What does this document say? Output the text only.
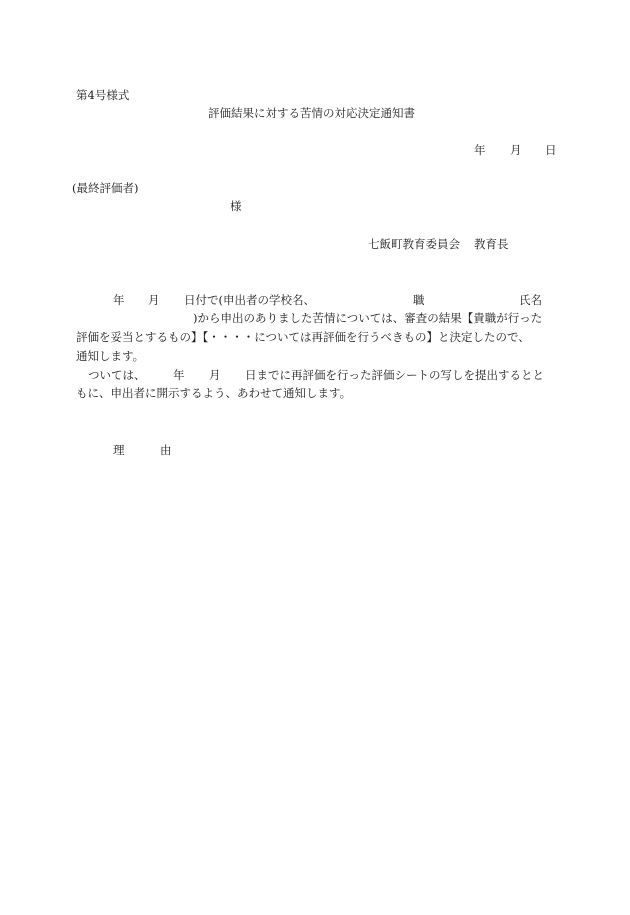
第4号様式
評価結果に対する苦情の対応決定通知書
年 月 日
(最終評価者)
様
七飯町教育委員会 教育長
年 月 日付で(申出者の学校名、	職	氏名
)から申出のありました苦情については、審査の結果【貴職が行った
評価を妥当とするもの】【・・・・については再評価を行うべきもの】と決定したので、
通知します。
ついては、 年 月 日までに再評価を行った評価シートの写しを提出するとと
もに、申出者に開示するよう、あわせて通知します。
理	由
